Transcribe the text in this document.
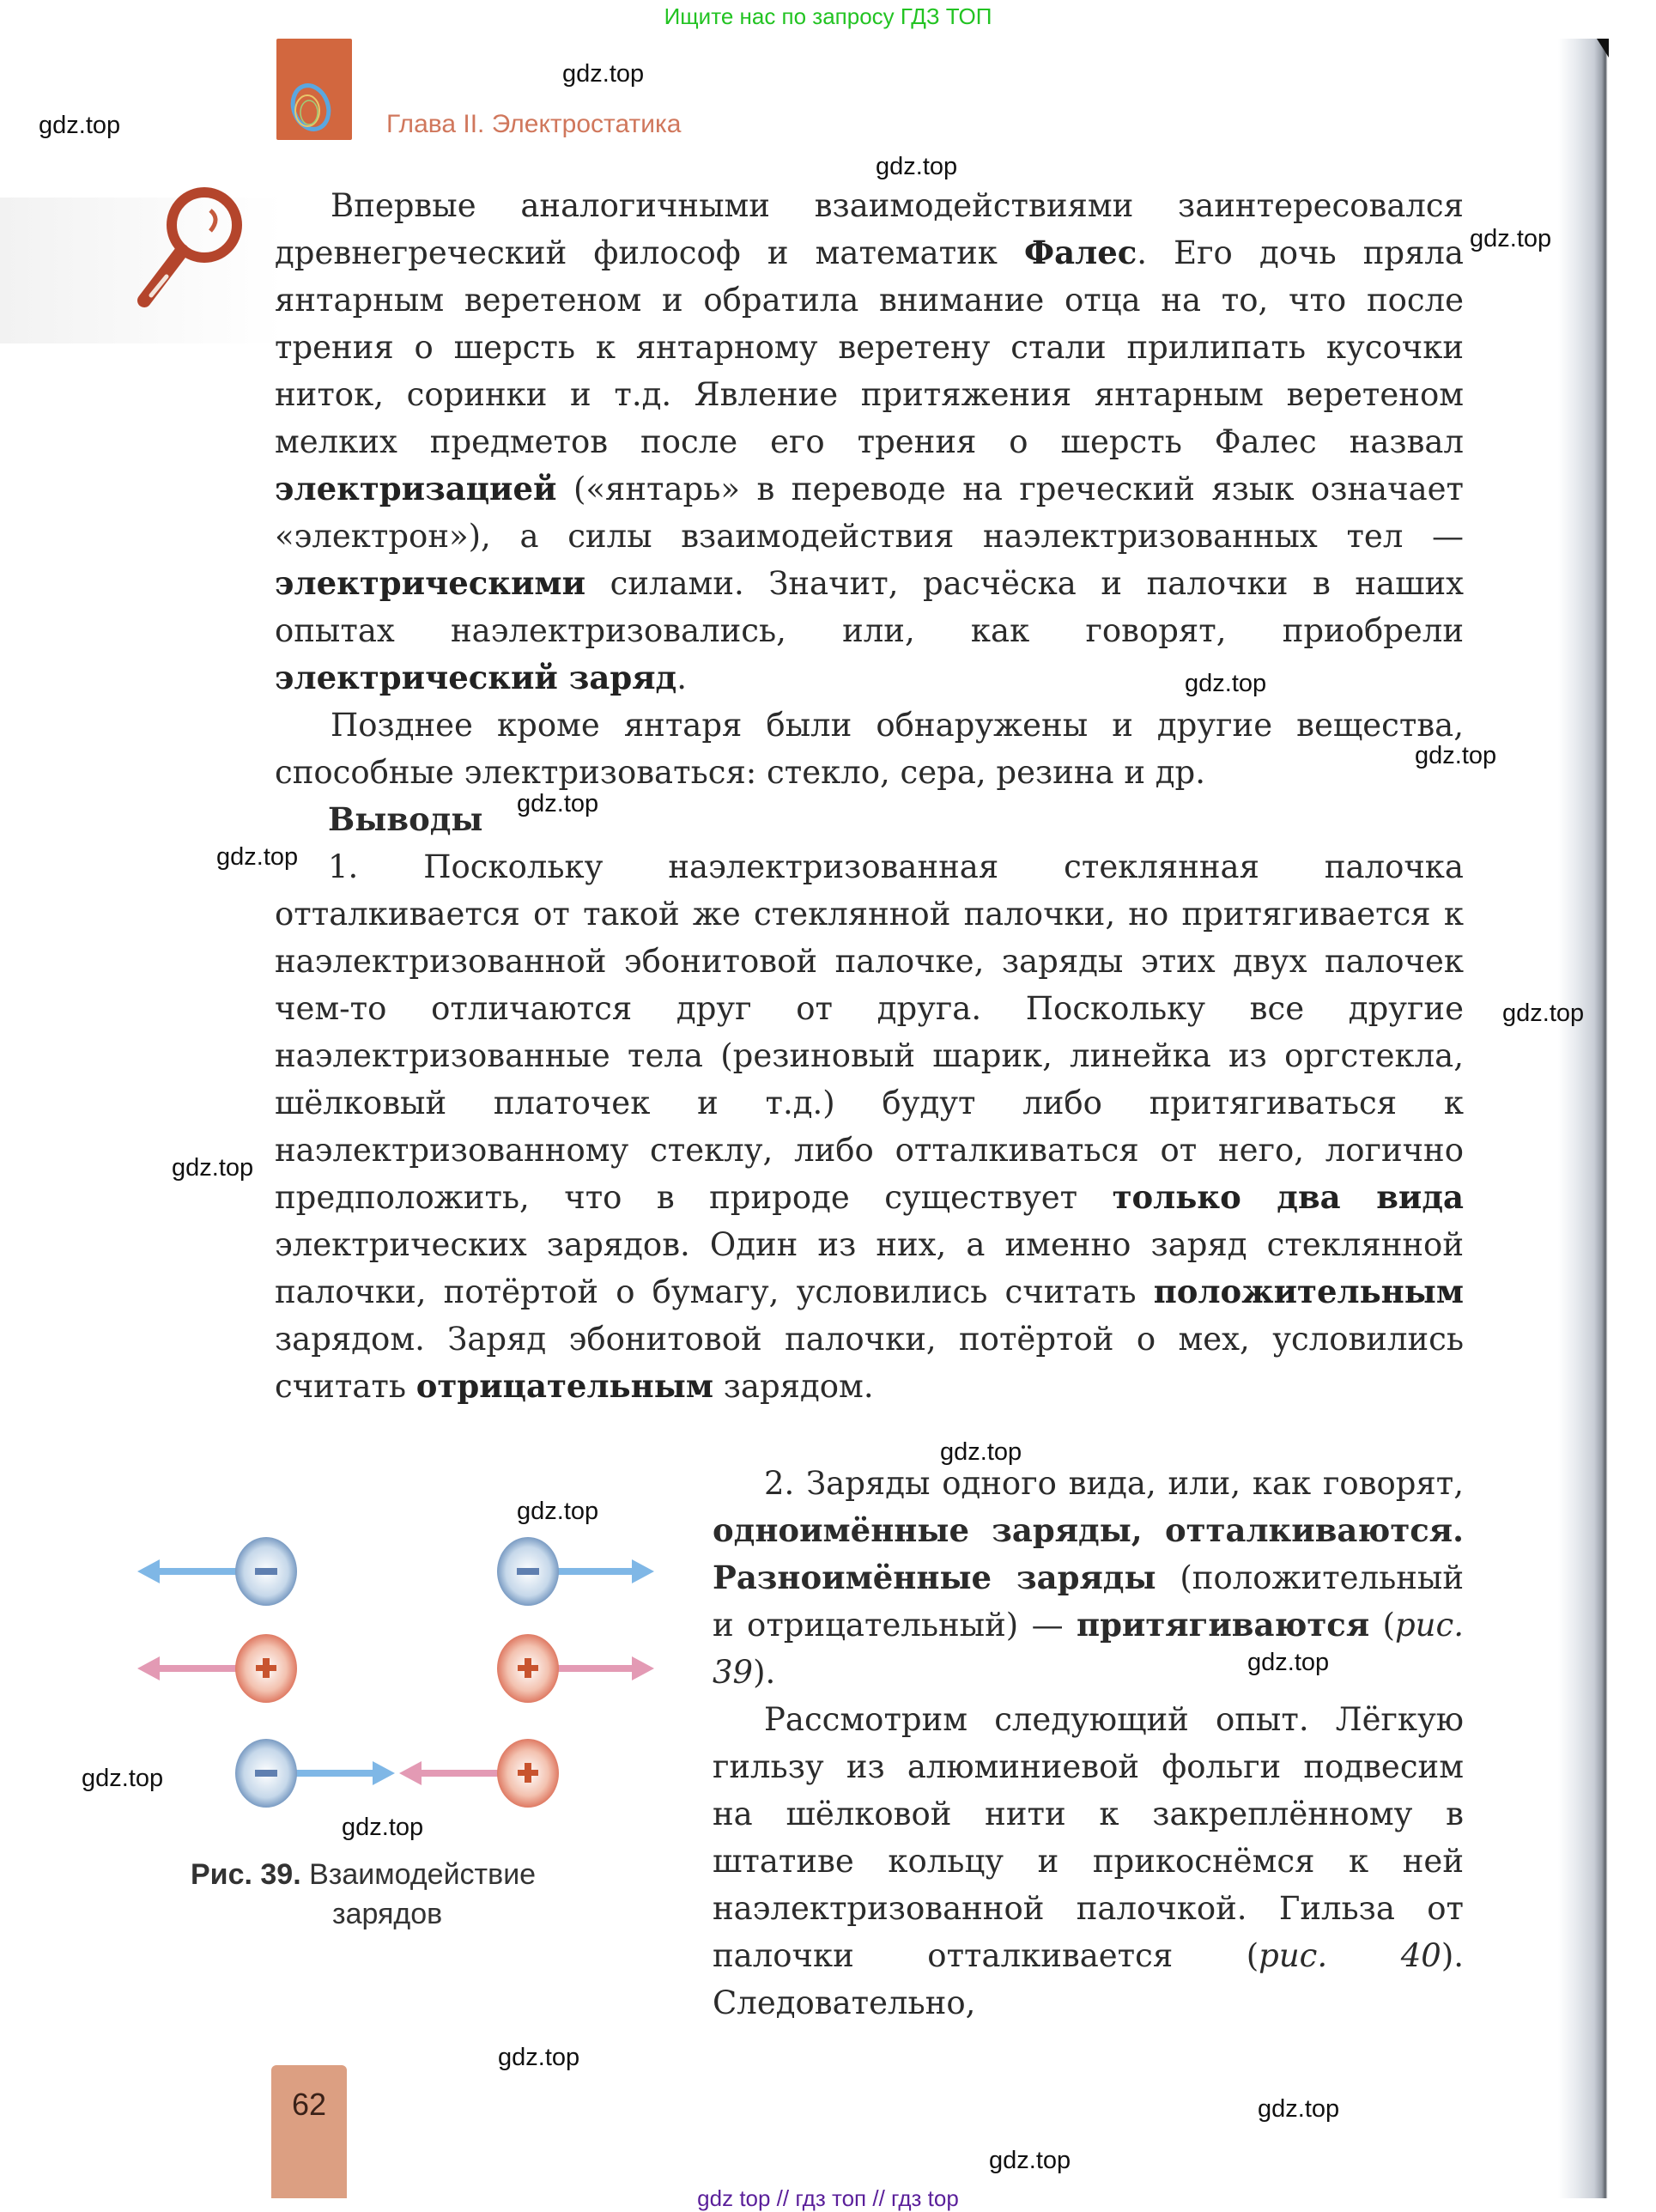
Ищите нас по запросу ГДЗ ТОП
Глава II. Электростатика
gdz.top
gdz.top
gdz.top
gdz.top
gdz.top
gdz.top
gdz.top
gdz.top
gdz.top
gdz.top
gdz.top
gdz.top
gdz.top
gdz.top
gdz.top
gdz.top
gdz.top
gdz.top

Впервые аналогичными взаимодействиями заинтересовался древнегреческий философ и математик Фалес. Его дочь пряла янтарным веретеном и обратила внимание отца на то, что после трения о шерсть к янтарному веретену стали прилипать кусочки ниток, соринки и т.д. Явление притяжения янтарным веретеном мелких предметов после его трения о шерсть Фалес назвал электризацией («янтарь» в переводе на греческий язык означает «электрон»), а силы взаимодействия наэлектризованных тел — электрическими силами. Значит, расчёска и палочки в наших опытах наэлектризовались, или, как говорят, приобрели электрический заряд.

Позднее кроме янтаря были обнаружены и другие вещества, способные электризоваться: стекло, сера, резина и др.

Выводы

1. Поскольку наэлектризованная стеклянная палочка отталкивается от такой же стеклянной палочки, но притягивается к наэлектризованной эбонитовой палочке, заряды этих двух палочек чем-то отличаются друг от друга. Поскольку все другие наэлектризованные тела (резиновый шарик, линейка из оргстекла, шёлковый платочек и т.д.) будут либо притягиваться к наэлектризованному стеклу, либо отталкиваться от него, логично предположить, что в природе существует только два вида электрических зарядов. Один из них, а именно заряд стеклянной палочки, потёртой о бумагу, условились считать положительным зарядом. Заряд эбонитовой палочки, потёртой о мех, условились считать отрицательным зарядом.

2. Заряды одного вида, или, как говорят, одноимённые заряды, отталкиваются. Разноимённые заряды (положительный и отрицательный) — притягиваются (рис. 39).

Рассмотрим следующий опыт. Лёгкую гильзу из алюминиевой фольги подвесим на шёлковой нити к закреплённому в штативе кольцу и прикоснёмся к ней наэлектризованной палочкой. Гильза от палочки отталкивается (рис. 40). Следовательно,

Рис. 39. Взаимодействие
зарядов
62
gdz top // гдз топ // гдз top
